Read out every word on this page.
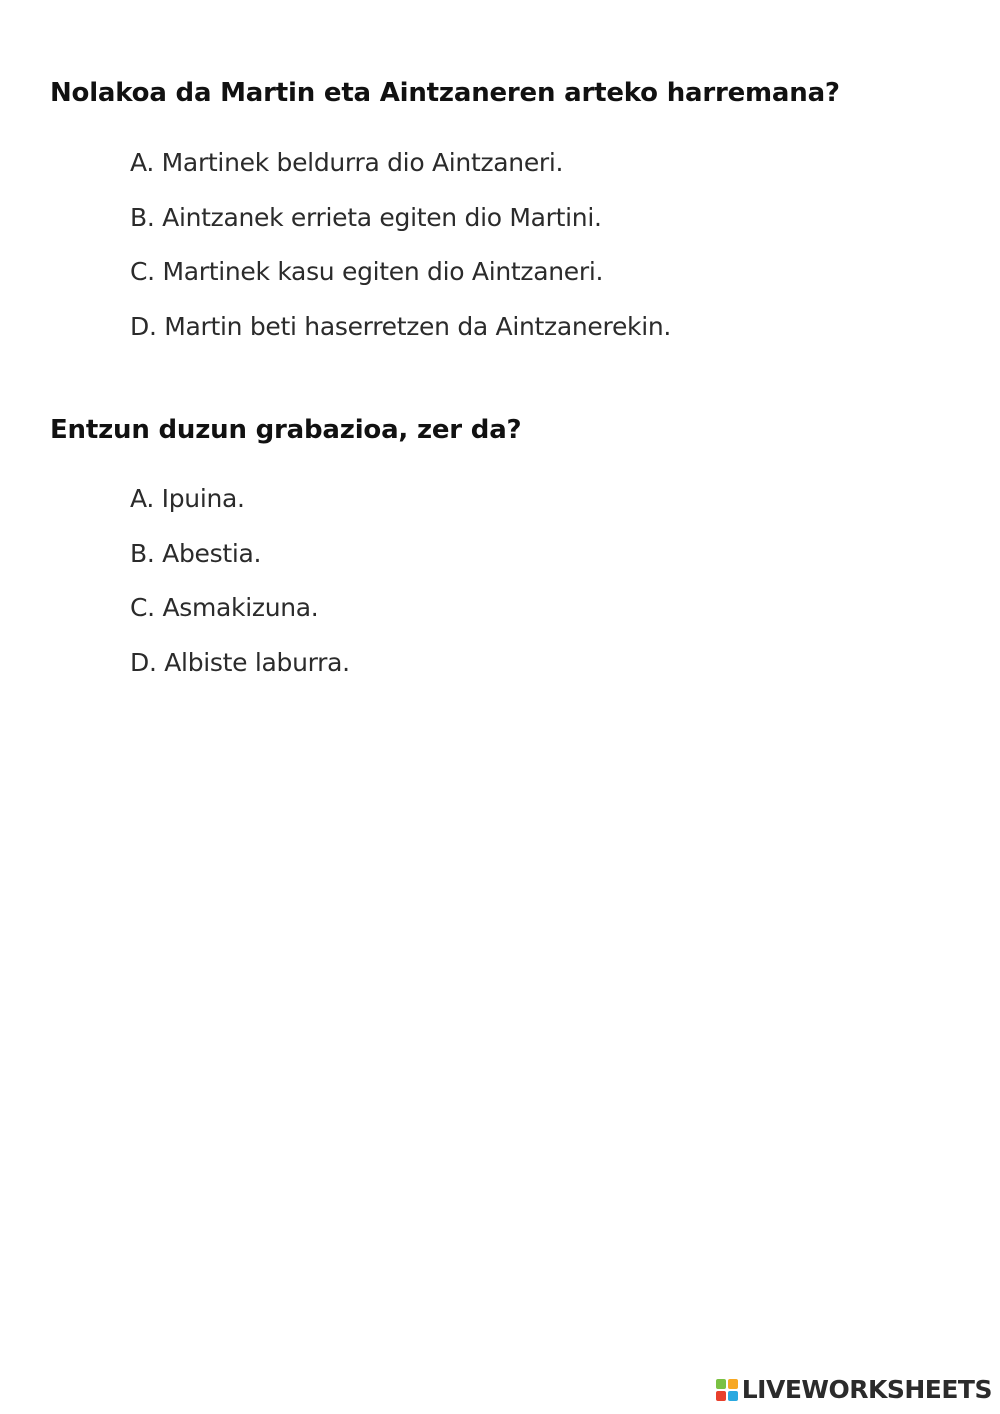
Nolakoa da Martin eta Aintzaneren arteko harremana?
A. Martinek beldurra dio Aintzaneri.
B. Aintzanek errieta egiten dio Martini.
C. Martinek kasu egiten dio Aintzaneri.
D. Martin beti haserretzen da Aintzanerekin.
Entzun duzun grabazioa, zer da?
A. Ipuina.
B. Abestia.
C. Asmakizuna.
D. Albiste laburra.
LIVEWORKSHEETS
